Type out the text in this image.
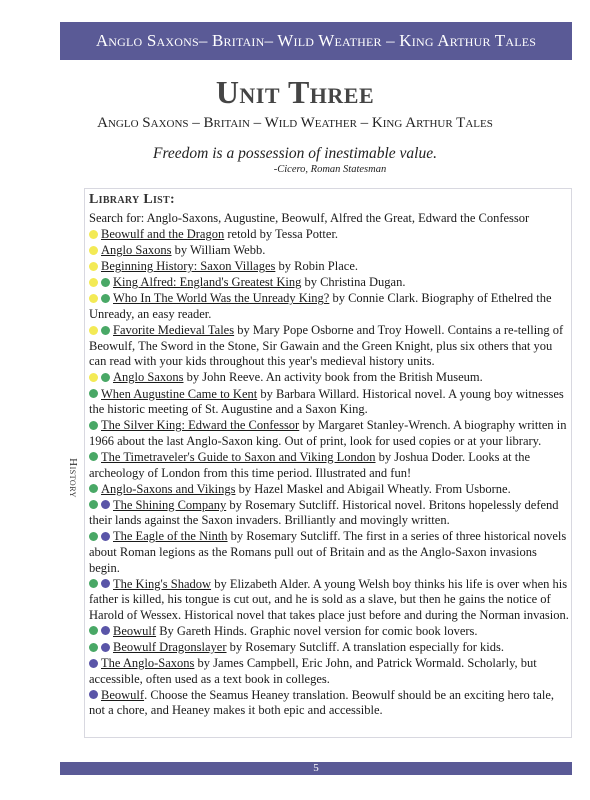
Anglo Saxons– Britain– Wild Weather – King Arthur Tales
Unit Three
Anglo Saxons – Britain – Wild Weather – King Arthur Tales
Freedom is a possession of inestimable value.
-Cicero, Roman Statesman
History
Library List:
Search for: Anglo-Saxons, Augustine, Beowulf, Alfred the Great, Edward the Confessor
Beowulf and the Dragon retold by Tessa Potter.
Anglo Saxons by William Webb.
Beginning History: Saxon Villages by Robin Place.
King Alfred: England's Greatest King by Christina Dugan.
Who In The World Was the Unready King? by Connie Clark. Biography of Ethelred the Unready, an easy reader.
Favorite Medieval Tales by Mary Pope Osborne and Troy Howell. Contains a re-telling of Beowulf, The Sword in the Stone, Sir Gawain and the Green Knight, plus six others that you can read with your kids throughout this year's medieval history units.
Anglo Saxons by John Reeve. An activity book from the British Museum.
When Augustine Came to Kent by Barbara Willard. Historical novel. A young boy witnesses the historic meeting of St. Augustine and a Saxon King.
The Silver King: Edward the Confessor by Margaret Stanley-Wrench. A biography written in 1966 about the last Anglo-Saxon king. Out of print, look for used copies or at your library.
The Timetraveler's Guide to Saxon and Viking London by Joshua Doder. Looks at the archeology of London from this time period. Illustrated and fun!
Anglo-Saxons and Vikings by Hazel Maskel and Abigail Wheatly. From Usborne.
The Shining Company by Rosemary Sutcliff. Historical novel. Britons hopelessly defend their lands against the Saxon invaders. Brilliantly and movingly written.
The Eagle of the Ninth by Rosemary Sutcliff. The first in a series of three historical novels about Roman legions as the Romans pull out of Britain and as the Anglo-Saxon invasions begin.
The King's Shadow by Elizabeth Alder. A young Welsh boy thinks his life is over when his father is killed, his tongue is cut out, and he is sold as a slave, but then he gains the notice of Harold of Wessex. Historical novel that takes place just before and during the Norman invasion.
Beowulf By Gareth Hinds. Graphic novel version for comic book lovers.
Beowulf Dragonslayer by Rosemary Sutcliff. A translation especially for kids.
The Anglo-Saxons by James Campbell, Eric John, and Patrick Wormald. Scholarly, but accessible, often used as a text book in colleges.
Beowulf. Choose the Seamus Heaney translation. Beowulf should be an exciting hero tale, not a chore, and Heaney makes it both epic and accessible.
5
